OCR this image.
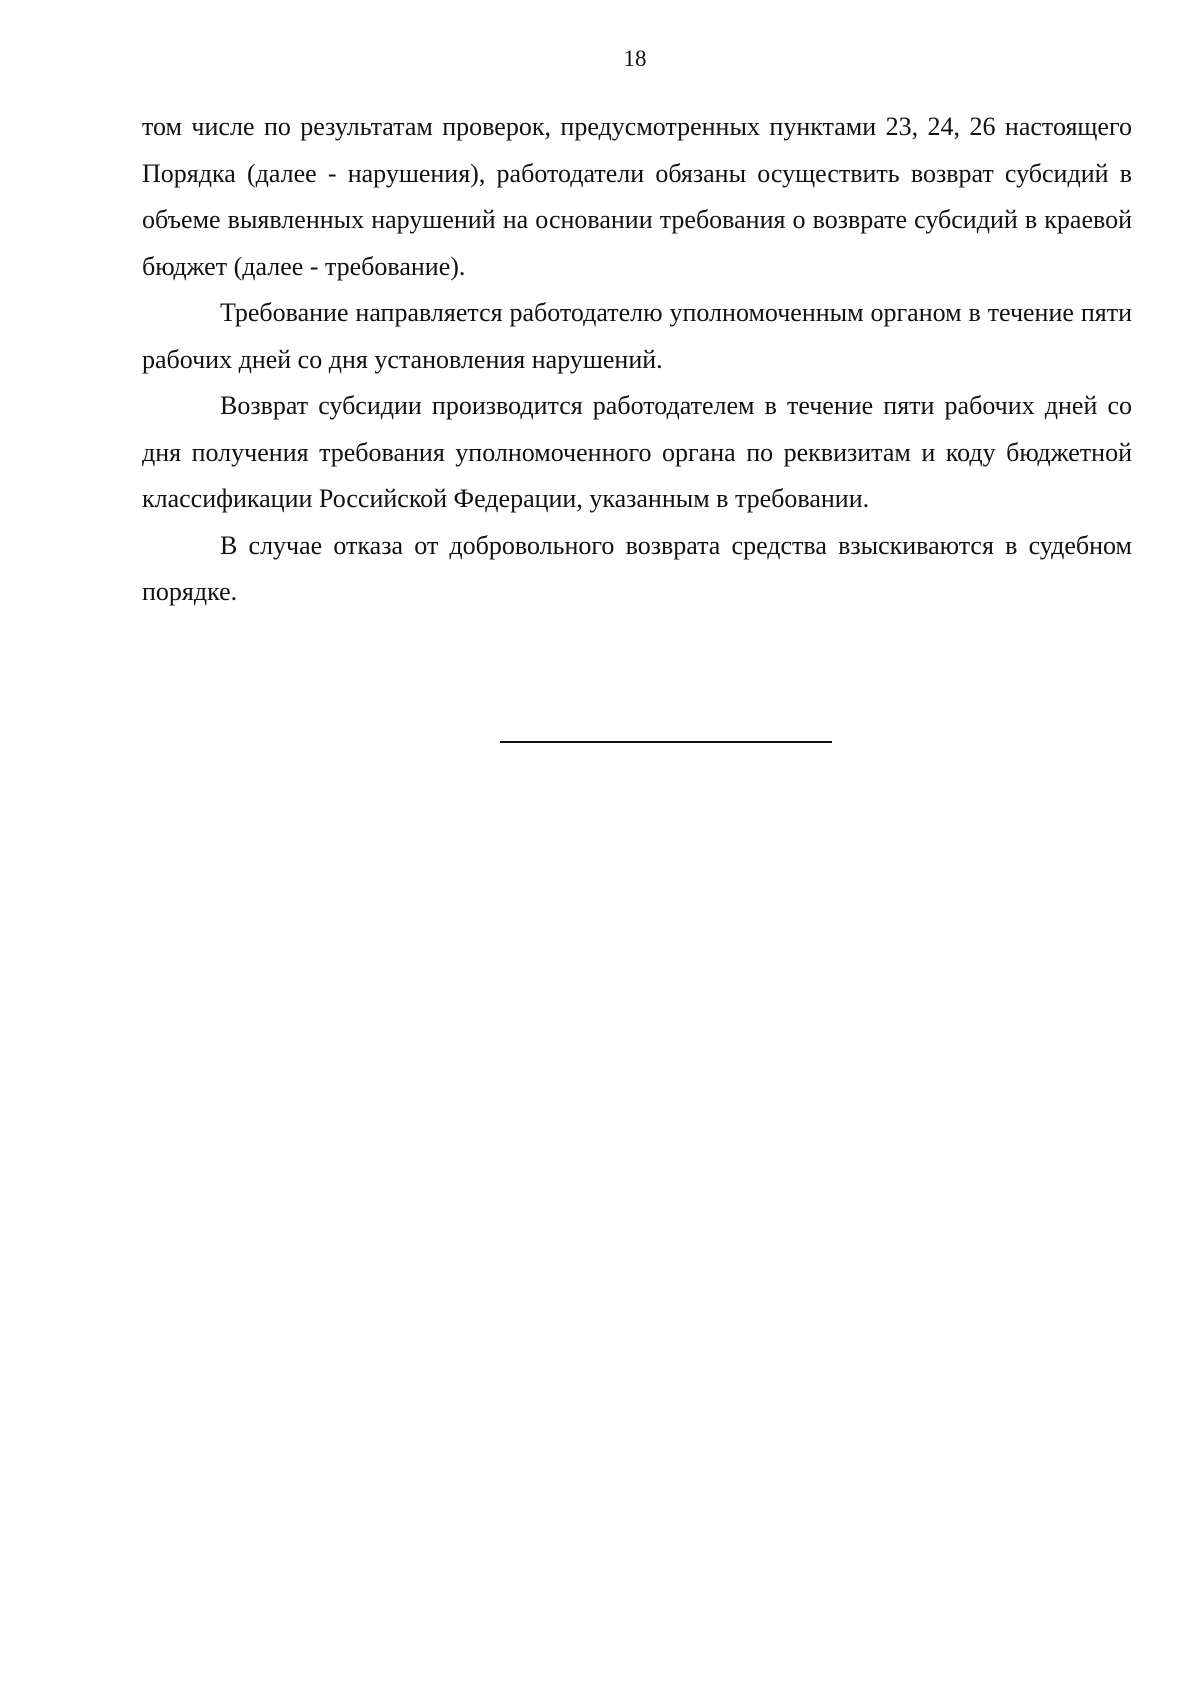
18

том числе по результатам проверок, предусмотренных пунктами 23, 24, 26 настоящего Порядка (далее - нарушения), работодатели обязаны осуществить возврат субсидий в объеме выявленных нарушений на основании требования о возврате субсидий в краевой бюджет (далее - требование).

Требование направляется работодателю уполномоченным органом в течение пяти рабочих дней со дня установления нарушений.

Возврат субсидии производится работодателем в течение пяти рабочих дней со дня получения требования уполномоченного органа по реквизитам и коду бюджетной классификации Российской Федерации, указанным в требовании.

В случае отказа от добровольного возврата средства взыскиваются в судебном порядке.
